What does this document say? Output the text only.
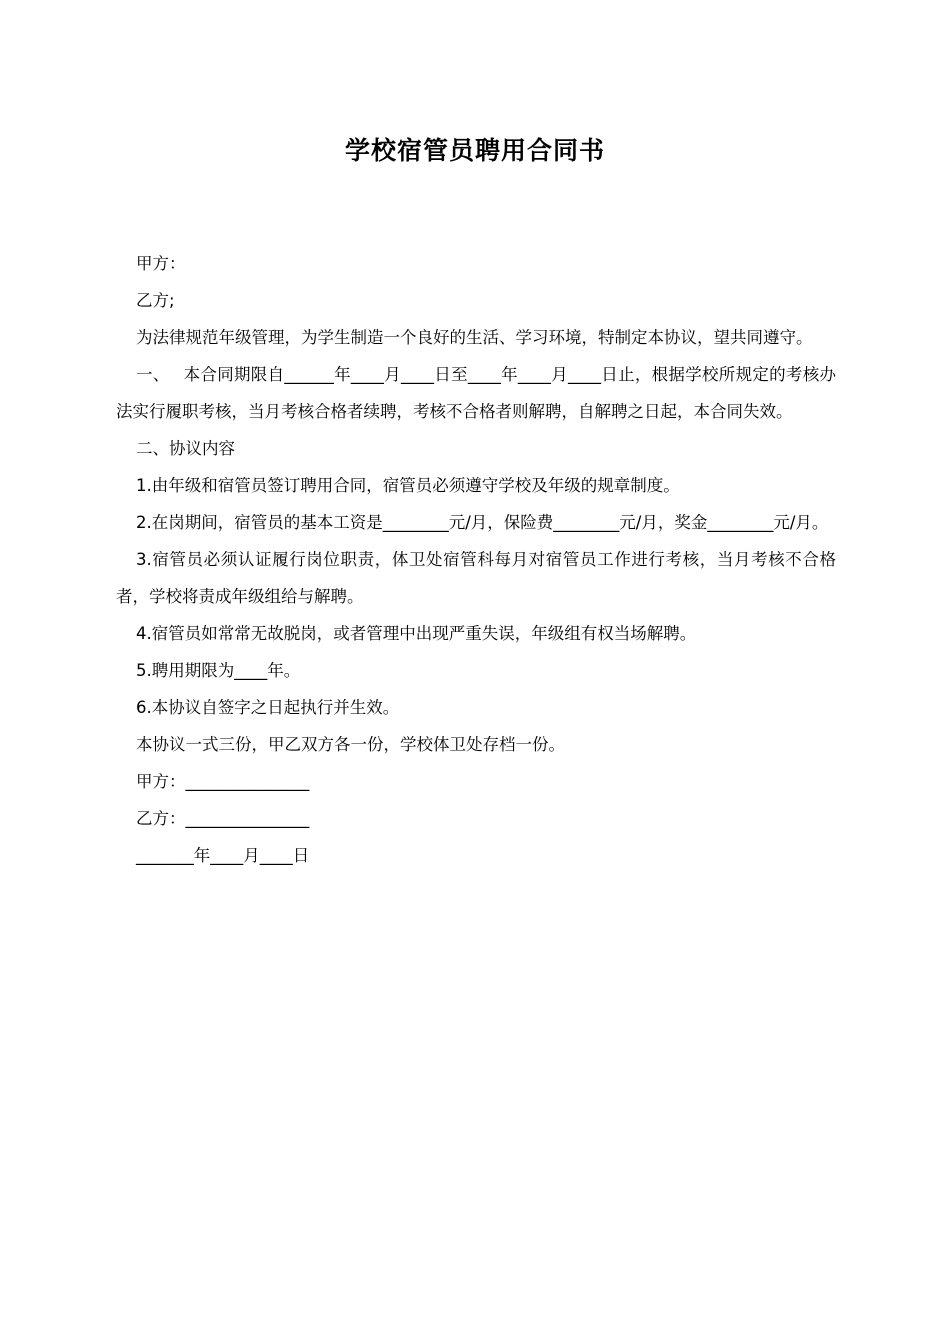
学校宿管员聘用合同书

甲方：

乙方;

为法律规范年级管理，为学生制造一个良好的生活、学习环境，特制定本协议，望共同遵守。

一、　 本合同期限自______年____月____日至____年____月____日止，根据学校所规定的考核办法实行履职考核，当月考核合格者续聘，考核不合格者则解聘，自解聘之日起，本合同失效。

二、协议内容

1.由年级和宿管员签订聘用合同，宿管员必须遵守学校及年级的规章制度。

2.在岗期间，宿管员的基本工资是________元/月，保险费________元/月，奖金________元/月。

3.宿管员必须认证履行岗位职责，体卫处宿管科每月对宿管员工作进行考核，当月考核不合格者，学校将责成年级组给与解聘。

4.宿管员如常常无故脱岗，或者管理中出现严重失误，年级组有权当场解聘。

5.聘用期限为____年。

6.本协议自签字之日起执行并生效。

本协议一式三份，甲乙双方各一份，学校体卫处存档一份。

甲方：_______________

乙方：_______________

_______年____月____日
